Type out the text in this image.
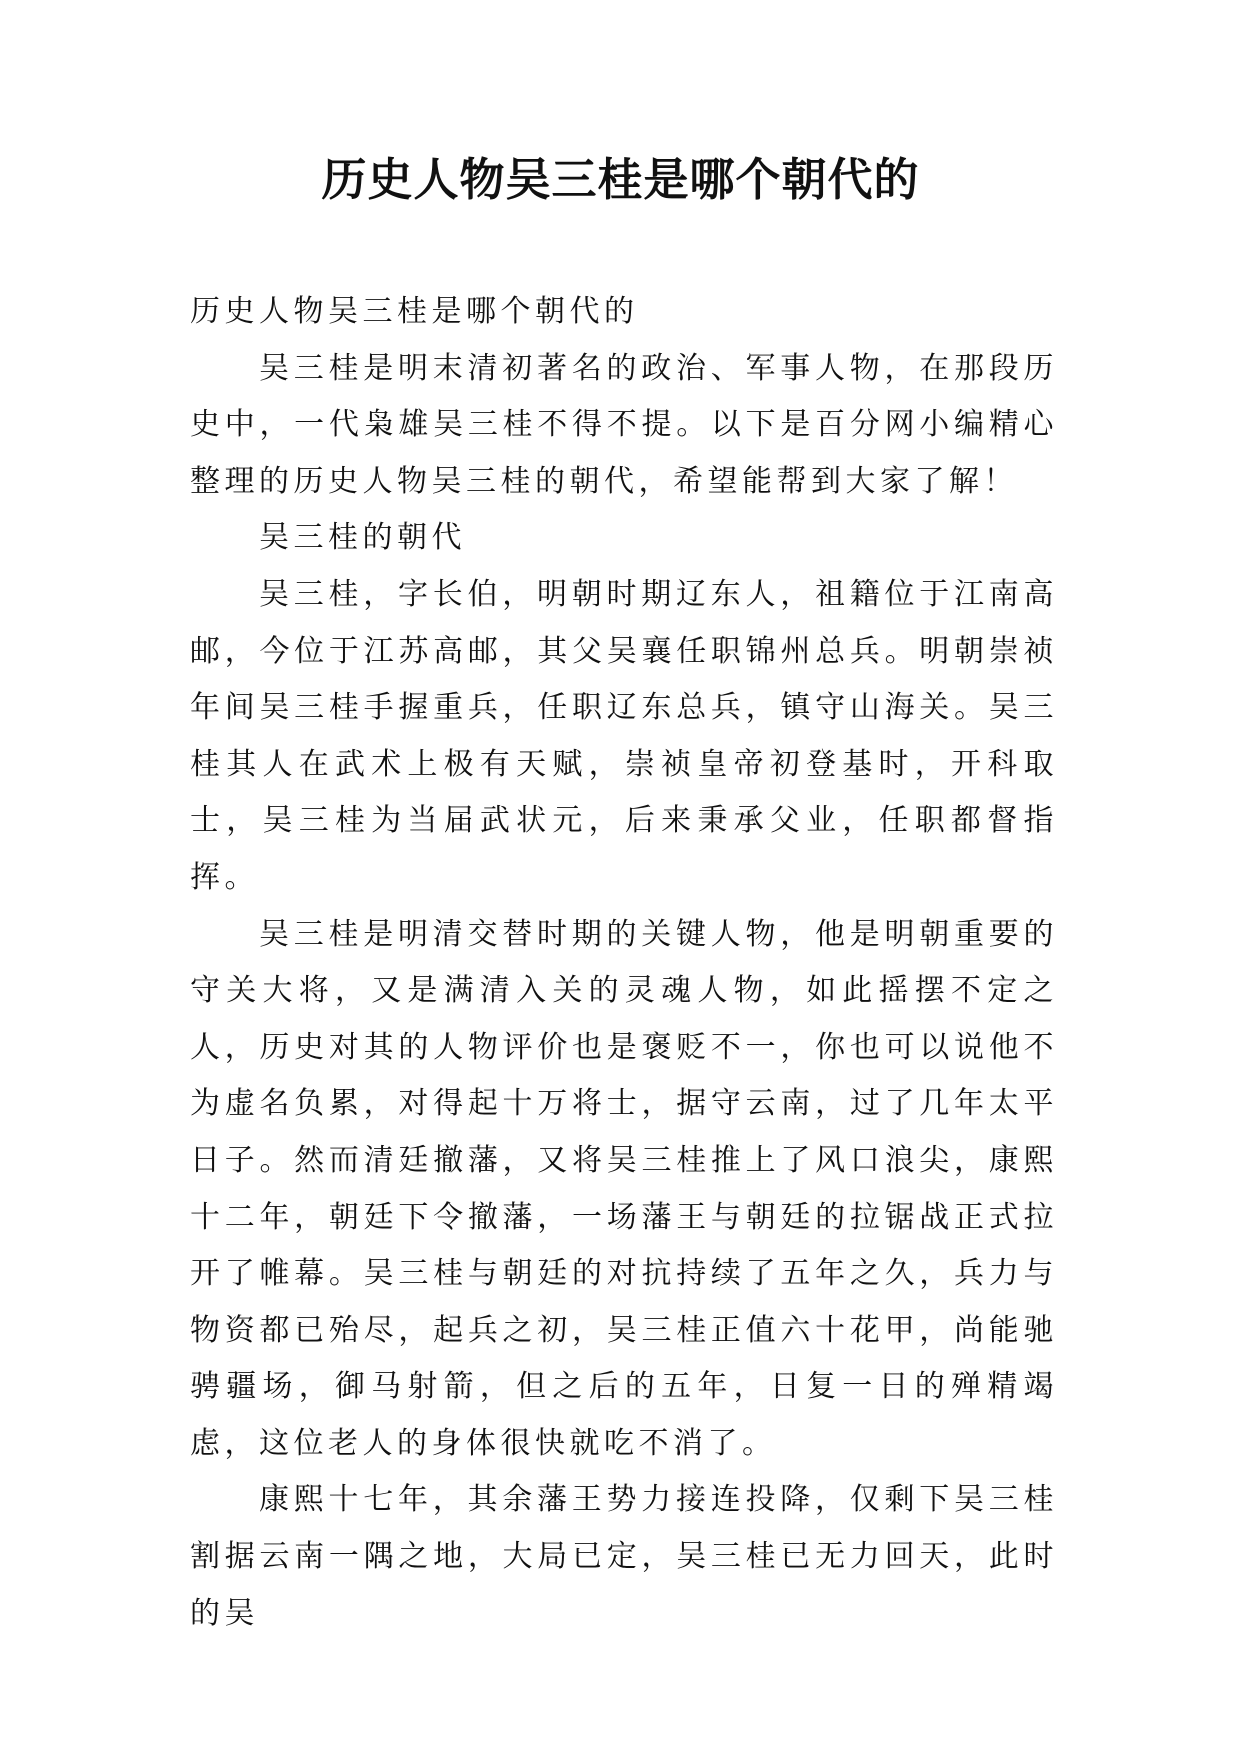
历史人物吴三桂是哪个朝代的

历史人物吴三桂是哪个朝代的

吴三桂是明末清初著名的政治、军事人物，在那段历史中，一代枭雄吴三桂不得不提。以下是百分网小编精心整理的历史人物吴三桂的朝代，希望能帮到大家了解！

吴三桂的朝代

吴三桂，字长伯，明朝时期辽东人，祖籍位于江南高邮，今位于江苏高邮，其父吴襄任职锦州总兵。明朝崇祯年间吴三桂手握重兵，任职辽东总兵，镇守山海关。吴三桂其人在武术上极有天赋，崇祯皇帝初登基时，开科取士，吴三桂为当届武状元，后来秉承父业，任职都督指挥。

吴三桂是明清交替时期的关键人物，他是明朝重要的守关大将，又是满清入关的灵魂人物，如此摇摆不定之人，历史对其的人物评价也是褒贬不一，你也可以说他不为虚名负累，对得起十万将士，据守云南，过了几年太平日子。然而清廷撤藩，又将吴三桂推上了风口浪尖，康熙十二年，朝廷下令撤藩，一场藩王与朝廷的拉锯战正式拉开了帷幕。吴三桂与朝廷的对抗持续了五年之久，兵力与物资都已殆尽，起兵之初，吴三桂正值六十花甲，尚能驰骋疆场，御马射箭，但之后的五年，日复一日的殚精竭虑，这位老人的身体很快就吃不消了。

康熙十七年，其余藩王势力接连投降，仅剩下吴三桂割据云南一隅之地，大局已定，吴三桂已无力回天，此时的吴
